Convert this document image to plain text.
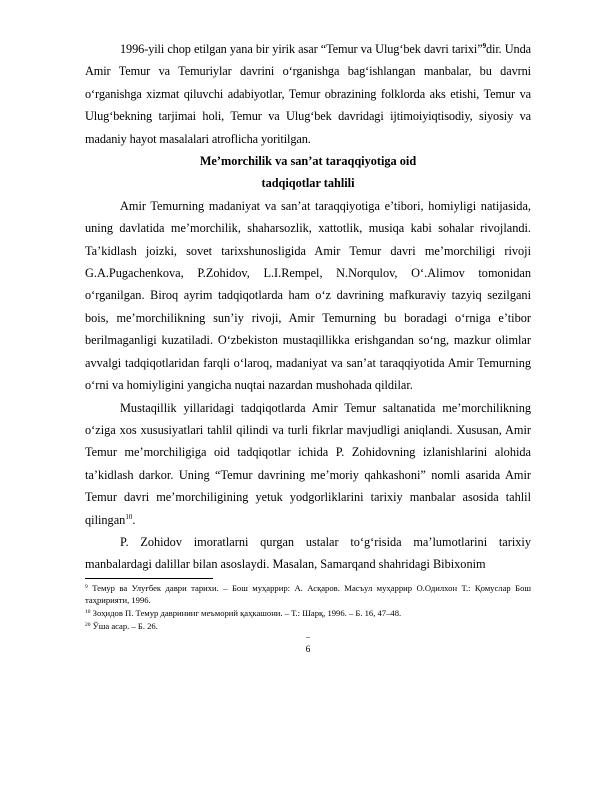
1996-yili chop etilgan yana bir yirik asar “Temur va Ulug‘bek davri tarixi”$^9$dir. Unda Amir Temur va Temuriylar davrini o‘rganishga bag‘ishlangan manbalar, bu davrni o‘rganishga xizmat qiluvchi adabiyotlar, Temur obrazining folklorda aks etishi, Temur va Ulug‘bekning tarjimai holi, Temur va Ulug‘bek davridagi ijtimoiyiqtisodiy, siyosiy va madaniy hayot masalalari atroflicha yoritilgan.

Me’morchilik va san’at taraqqiyotiga oid

tadqiqotlar tahlili

Amir Temurning madaniyat va san’at taraqqiyotiga e’tibori, homiyligi natijasida, uning davlatida me’morchilik, shaharsozlik, xattotlik, musiqa kabi sohalar rivojlandi. Ta’kidlash joizki, sovet tarixshunosligida Amir Temur davri me’morchiligi rivoji G.A.Pugachenkova, P.Zohidov, L.I.Rempel, N.Norqulov, O‘.Alimov tomonidan o‘rganilgan. Biroq ayrim tadqiqotlarda ham o‘z davrining mafkuraviy tazyiq sezilgani bois, me’morchilikning sun’iy rivoji, Amir Temurning bu boradagi o‘rniga e’tibor berilmaganligi kuzatiladi. O‘zbekiston mustaqillikka erishgandan so‘ng, mazkur olimlar avvalgi tadqiqotlaridan farqli o‘laroq, madaniyat va san’at taraqqiyotida Amir Temurning o‘rni va homiyligini yangicha nuqtai nazardan mushohada qildilar.

Mustaqillik yillaridagi tadqiqotlarda Amir Temur saltanatida me’morchilikning o‘ziga xos xususiyatlari tahlil qilindi va turli fikrlar mavjudligi aniqlandi. Xususan, Amir Temur me’morchiligiga oid tadqiqotlar ichida P. Zohidovning izlanishlarini alohida ta’kidlash darkor. Uning “Temur davrining me’moriy qahkashoni” nomli asarida Amir Temur davri me’morchiligining yetuk yodgorliklarini tarixiy manbalar asosida tahlil qilingan$^{10}$.

P. Zohidov imoratlarni qurgan ustalar to‘g‘risida ma’lumotlarini tarixiy manbalardagi dalillar bilan asoslaydi. Masalan, Samarqand shahridagi Bibixonim

$^9$ Темур ва Улуғбек даври тарихи. – Бош муҳаррир: А. Асқаров. Масъул муҳаррир О.Одилхон Т.: Қомуслар Бош таҳририяти, 1996.

$^{10}$ Зоҳидов П. Темур даврининг меъморий қаҳкашони. – Т.: Шарқ, 1996. – Б. 16, 47–48.

$^{20}$ Ўша асар. – Б. 26.

–
6
